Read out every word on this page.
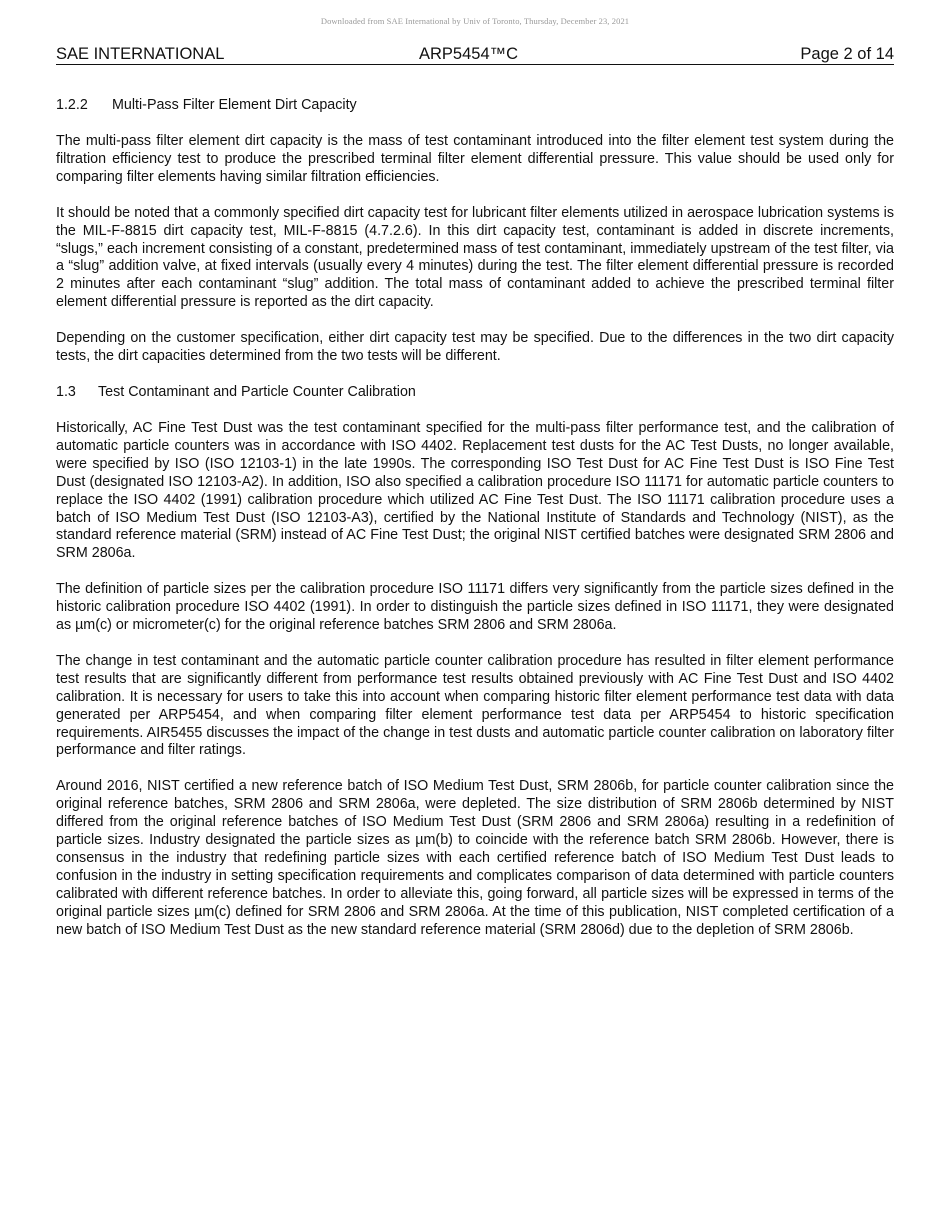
Downloaded from SAE International by Univ of Toronto, Thursday, December 23, 2021
SAE INTERNATIONAL	ARP5454™C	Page 2 of 14
1.2.2 Multi-Pass Filter Element Dirt Capacity

The multi-pass filter element dirt capacity is the mass of test contaminant introduced into the filter element test system during the filtration efficiency test to produce the prescribed terminal filter element differential pressure. This value should be used only for comparing filter elements having similar filtration efficiencies.

It should be noted that a commonly specified dirt capacity test for lubricant filter elements utilized in aerospace lubrication systems is the MIL-F-8815 dirt capacity test, MIL-F-8815 (4.7.2.6). In this dirt capacity test, contaminant is added in discrete increments, “slugs,” each increment consisting of a constant, predetermined mass of test contaminant, immediately upstream of the test filter, via a “slug” addition valve, at fixed intervals (usually every 4 minutes) during the test. The filter element differential pressure is recorded 2 minutes after each contaminant “slug” addition. The total mass of contaminant added to achieve the prescribed terminal filter element differential pressure is reported as the dirt capacity.

Depending on the customer specification, either dirt capacity test may be specified. Due to the differences in the two dirt capacity tests, the dirt capacities determined from the two tests will be different.

1.3 Test Contaminant and Particle Counter Calibration

Historically, AC Fine Test Dust was the test contaminant specified for the multi-pass filter performance test, and the calibration of automatic particle counters was in accordance with ISO 4402. Replacement test dusts for the AC Test Dusts, no longer available, were specified by ISO (ISO 12103-1) in the late 1990s. The corresponding ISO Test Dust for AC Fine Test Dust is ISO Fine Test Dust (designated ISO 12103-A2). In addition, ISO also specified a calibration procedure ISO 11171 for automatic particle counters to replace the ISO 4402 (1991) calibration procedure which utilized AC Fine Test Dust. The ISO 11171 calibration procedure uses a batch of ISO Medium Test Dust (ISO 12103-A3), certified by the National Institute of Standards and Technology (NIST), as the standard reference material (SRM) instead of AC Fine Test Dust; the original NIST certified batches were designated SRM 2806 and SRM 2806a.

The definition of particle sizes per the calibration procedure ISO 11171 differs very significantly from the particle sizes defined in the historic calibration procedure ISO 4402 (1991). In order to distinguish the particle sizes defined in ISO 11171, they were designated as µm(c) or micrometer(c) for the original reference batches SRM 2806 and SRM 2806a.

The change in test contaminant and the automatic particle counter calibration procedure has resulted in filter element performance test results that are significantly different from performance test results obtained previously with AC Fine Test Dust and ISO 4402 calibration. It is necessary for users to take this into account when comparing historic filter element performance test data with data generated per ARP5454, and when comparing filter element performance test data per ARP5454 to historic specification requirements. AIR5455 discusses the impact of the change in test dusts and automatic particle counter calibration on laboratory filter performance and filter ratings.

Around 2016, NIST certified a new reference batch of ISO Medium Test Dust, SRM 2806b, for particle counter calibration since the original reference batches, SRM 2806 and SRM 2806a, were depleted. The size distribution of SRM 2806b determined by NIST differed from the original reference batches of ISO Medium Test Dust (SRM 2806 and SRM 2806a) resulting in a redefinition of particle sizes. Industry designated the particle sizes as µm(b) to coincide with the reference batch SRM 2806b. However, there is consensus in the industry that redefining particle sizes with each certified reference batch of ISO Medium Test Dust leads to confusion in the industry in setting specification requirements and complicates comparison of data determined with particle counters calibrated with different reference batches. In order to alleviate this, going forward, all particle sizes will be expressed in terms of the original particle sizes µm(c) defined for SRM 2806 and SRM 2806a. At the time of this publication, NIST completed certification of a new batch of ISO Medium Test Dust as the new standard reference material (SRM 2806d) due to the depletion of SRM 2806b.
